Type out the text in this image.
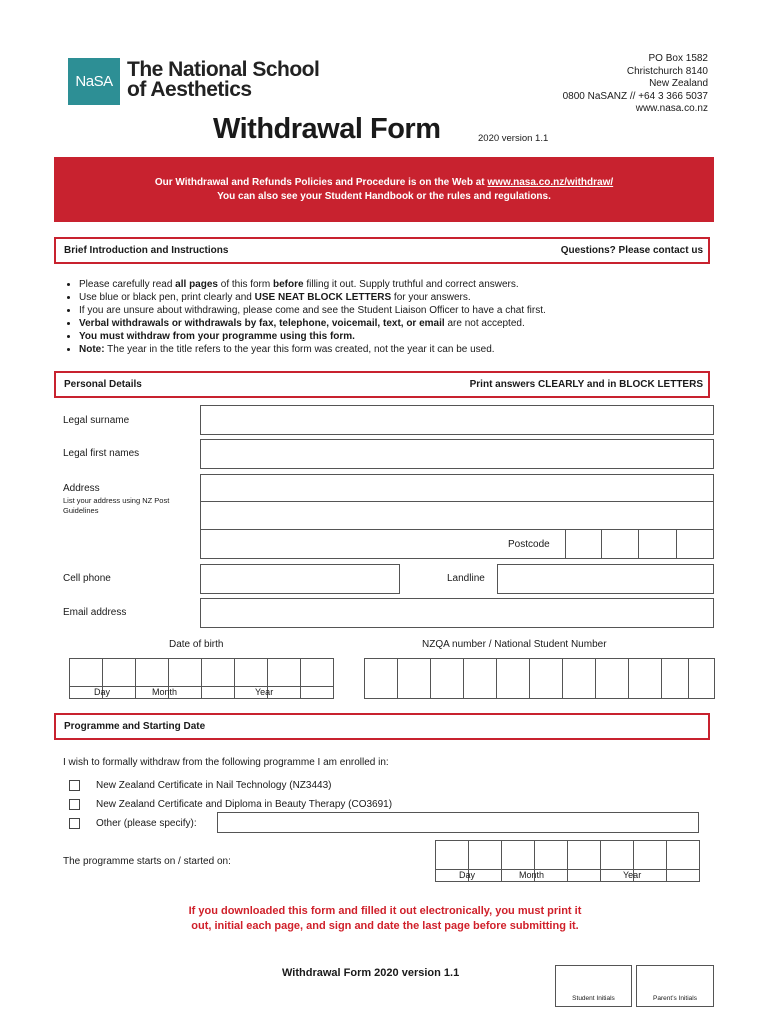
NaSA
The National School
of Aesthetics
PO Box 1582
Christchurch 8140
New Zealand
0800 NaSANZ // +64 3 366 5037
www.nasa.co.nz
Withdrawal Form	2020 version 1.1
Our Withdrawal and Refunds Policies and Procedure is on the Web at www.nasa.co.nz/withdraw/
You can also see your Student Handbook or the rules and regulations.
Brief Introduction and Instructions	Questions? Please contact us
• Please carefully read all pages of this form before filling it out. Supply truthful and correct answers.
• Use blue or black pen, print clearly and USE NEAT BLOCK LETTERS for your answers.
• If you are unsure about withdrawing, please come and see the Student Liaison Officer to have a chat first.
• Verbal withdrawals or withdrawals by fax, telephone, voicemail, text, or email are not accepted.
• You must withdraw from your programme using this form.
• Note: The year in the title refers to the year this form was created, not the year it can be used.
Personal Details	Print answers CLEARLY and in BLOCK LETTERS
Legal surname
Legal first names
Address
List your address using NZ Post Guidelines
Postcode
Cell phone	Landline
Email address
Date of birth	NZQA number / National Student Number
Day	Month	Year
Programme and Starting Date
I wish to formally withdraw from the following programme I am enrolled in:
New Zealand Certificate in Nail Technology (NZ3443)
New Zealand Certificate and Diploma in Beauty Therapy (CO3691)
Other (please specify):
The programme starts on / started on:
Day	Month	Year
If you downloaded this form and filled it out electronically, you must print it out, initial each page, and sign and date the last page before submitting it.
Withdrawal Form 2020 version 1.1
Student Initials	Parent’s Initials
